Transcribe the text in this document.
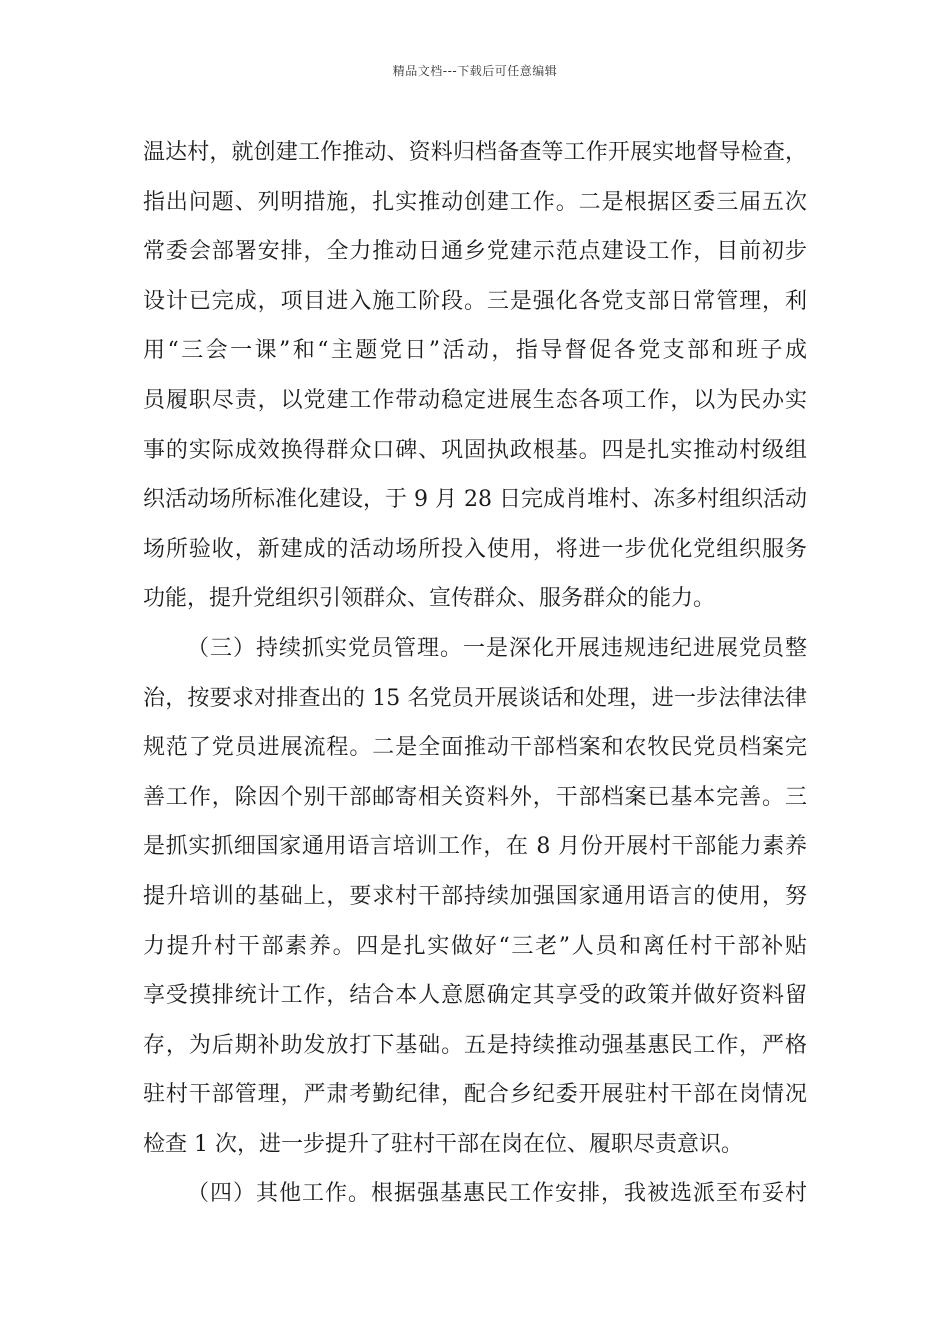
精品文档---下载后可任意编辑
温达村，就创建工作推动、资料归档备查等工作开展实地督导检查，
指出问题、列明措施，扎实推动创建工作。二是根据区委三届五次
常委会部署安排，全力推动日通乡党建示范点建设工作，目前初步
设计已完成，项目进入施工阶段。三是强化各党支部日常管理，利
用“三会一课”和“主题党日”活动，指导督促各党支部和班子成
员履职尽责，以党建工作带动稳定进展生态各项工作，以为民办实
事的实际成效换得群众口碑、巩固执政根基。四是扎实推动村级组
织活动场所标准化建设，于 9 月 28 日完成肖堆村、冻多村组织活动
场所验收，新建成的活动场所投入使用，将进一步优化党组织服务
功能，提升党组织引领群众、宣传群众、服务群众的能力。
（三）持续抓实党员管理。一是深化开展违规违纪进展党员整
治，按要求对排查出的 15 名党员开展谈话和处理，进一步法律法律
规范了党员进展流程。二是全面推动干部档案和农牧民党员档案完
善工作，除因个别干部邮寄相关资料外，干部档案已基本完善。三
是抓实抓细国家通用语言培训工作，在 8 月份开展村干部能力素养
提升培训的基础上，要求村干部持续加强国家通用语言的使用，努
力提升村干部素养。四是扎实做好“三老”人员和离任村干部补贴
享受摸排统计工作，结合本人意愿确定其享受的政策并做好资料留
存，为后期补助发放打下基础。五是持续推动强基惠民工作，严格
驻村干部管理，严肃考勤纪律，配合乡纪委开展驻村干部在岗情况
检查 1 次，进一步提升了驻村干部在岗在位、履职尽责意识。
（四）其他工作。根据强基惠民工作安排，我被选派至布妥村
